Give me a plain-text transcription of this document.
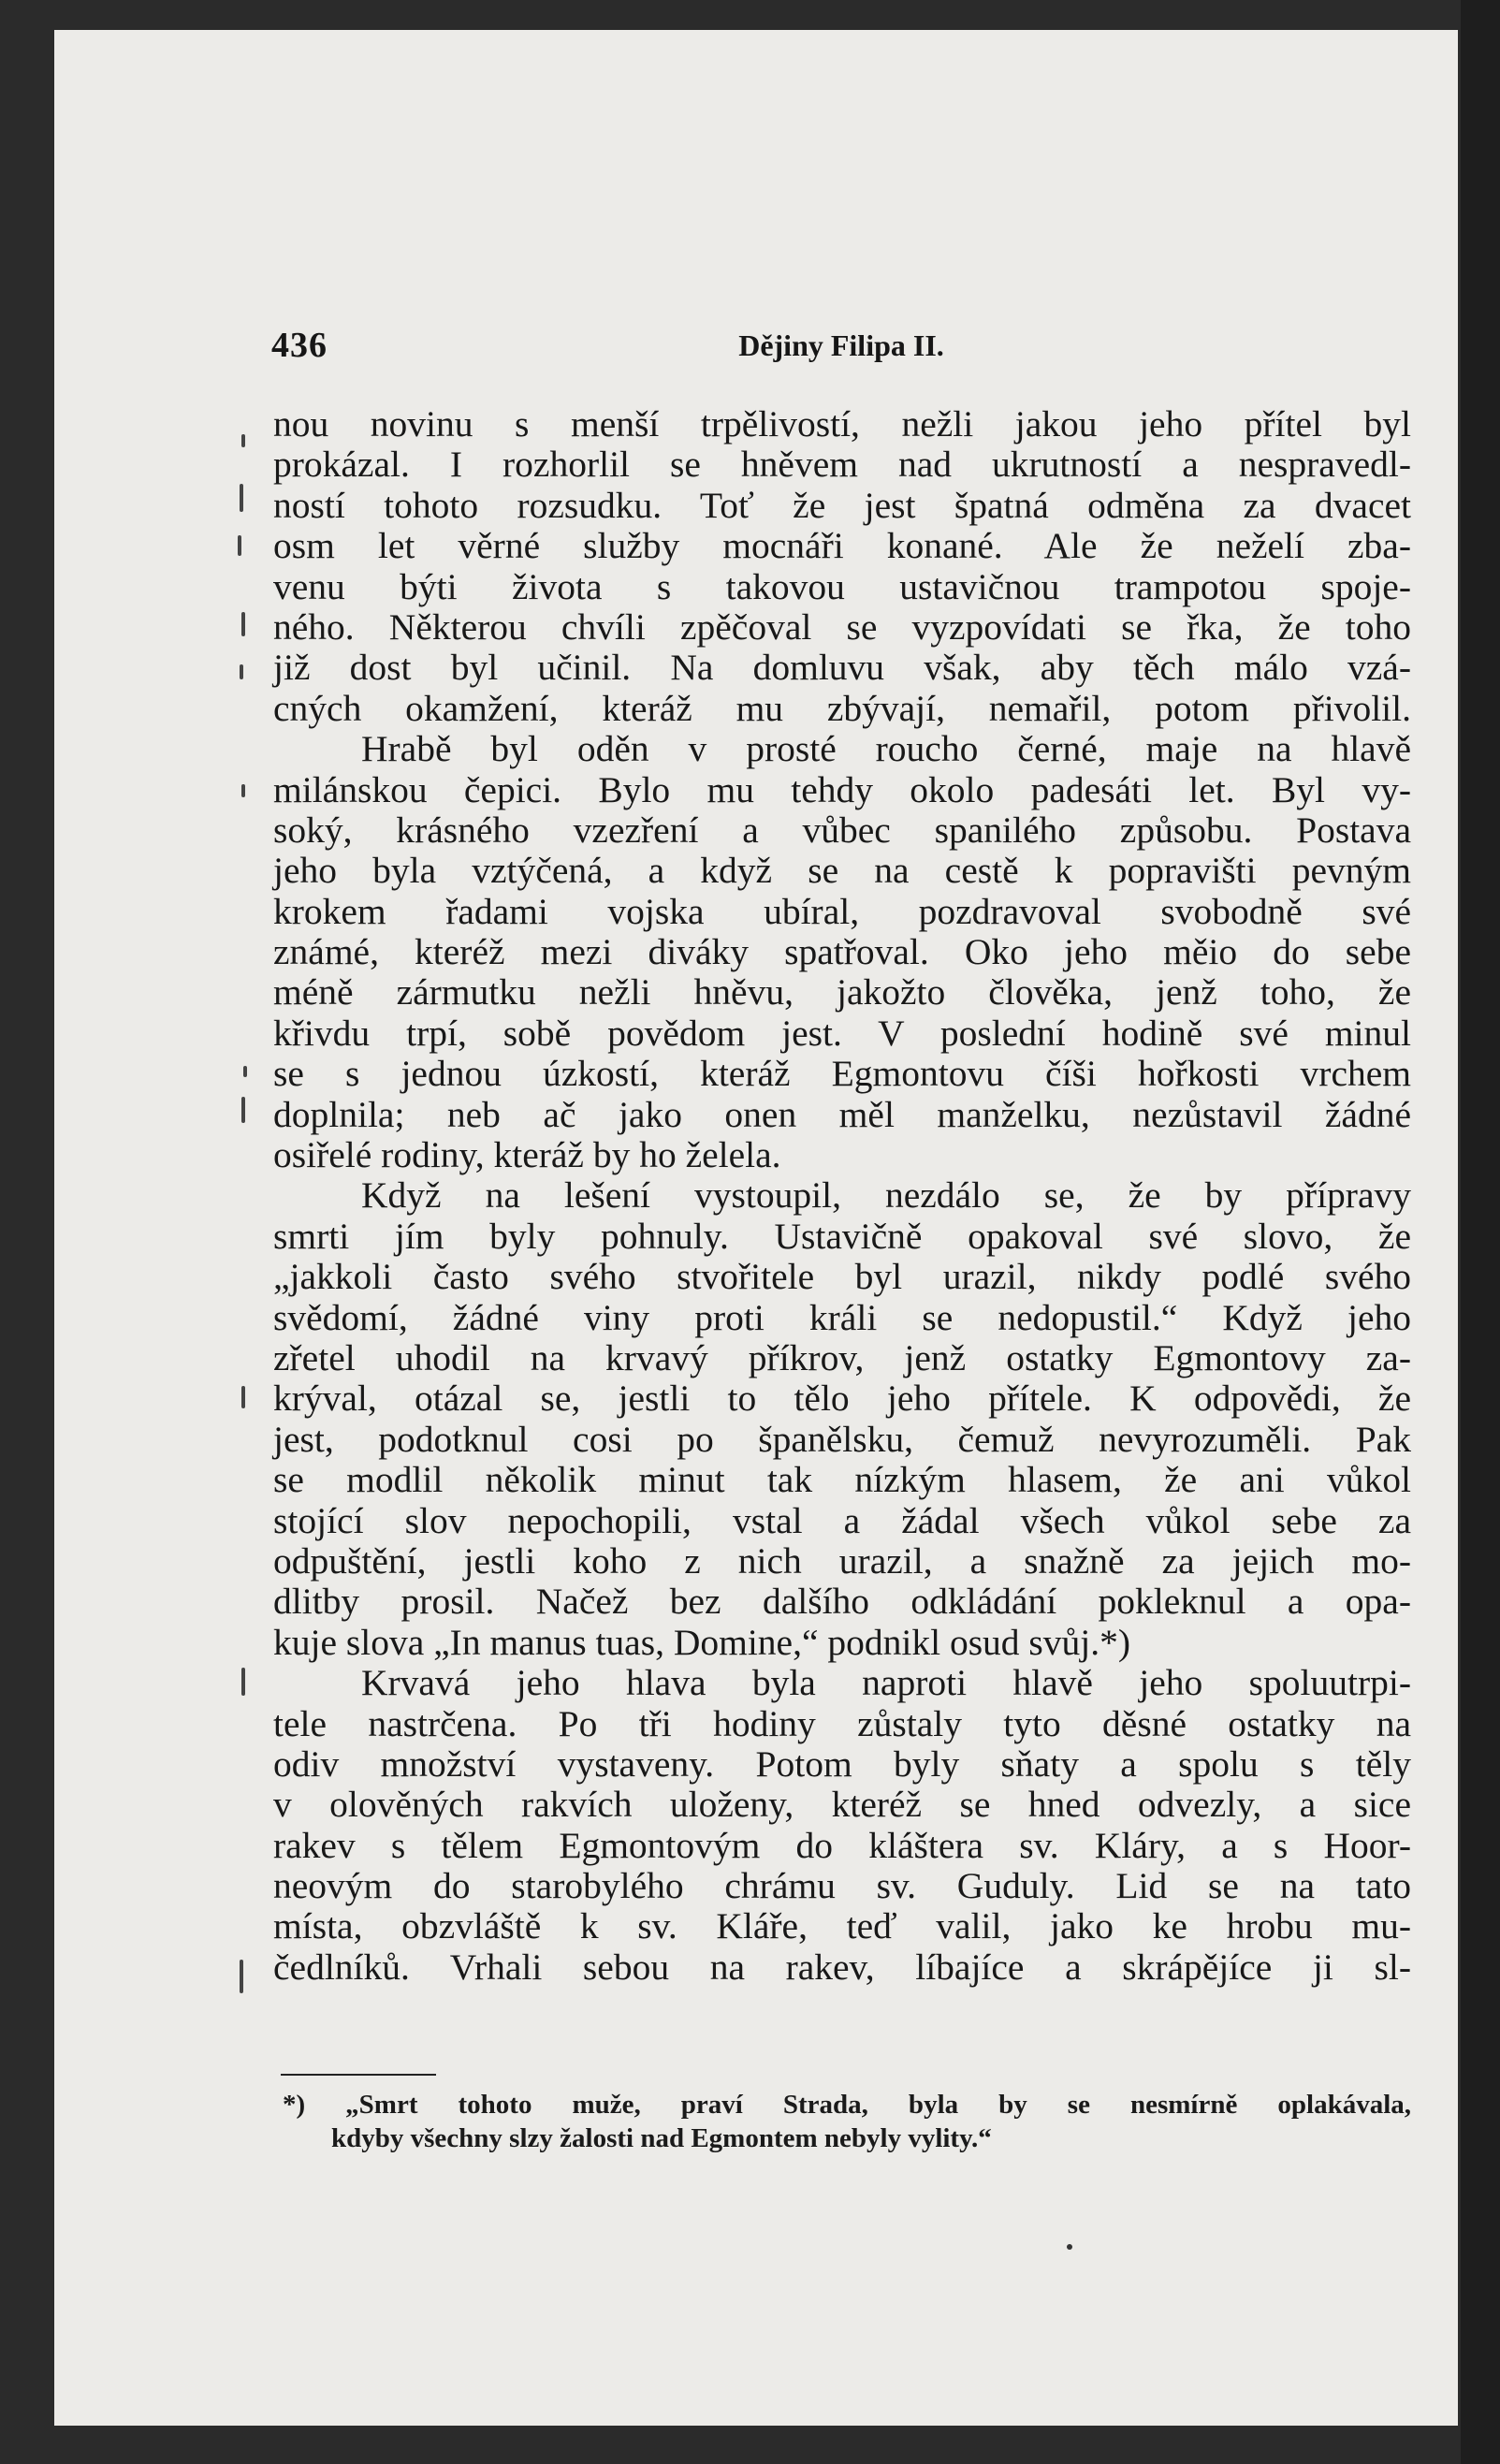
436	Dějiny Filipa II.
nou novinu s menší trpělivostí, nežli jakou jeho přítel byl
prokázal. I rozhorlil se hněvem nad ukrutností a nespravedl-
ností tohoto rozsudku. Toť že jest špatná odměna za dvacet
osm let věrné služby mocnáři konané. Ale že neželí zba-
venu býti života s takovou ustavičnou trampotou spoje-
ného. Některou chvíli zpěčoval se vyzpovídati se řka, že toho
již dost byl učinil. Na domluvu však, aby těch málo vzá-
cných okamžení, kteráž mu zbývají, nemařil, potom přivolil.
Hrabě byl oděn v prosté roucho černé, maje na hlavě
milánskou čepici. Bylo mu tehdy okolo padesáti let. Byl vy-
soký, krásného vzezření a vůbec spanilého způsobu. Postava
jeho byla vztýčená, a když se na cestě k popravišti pevným
krokem řadami vojska ubíral, pozdravoval svobodně své
známé, kteréž mezi diváky spatřoval. Oko jeho měio do sebe
méně zármutku nežli hněvu, jakožto člověka, jenž toho, že
křivdu trpí, sobě povědom jest. V poslední hodině své minul
se s jednou úzkostí, kteráž Egmontovu číši hořkosti vrchem
doplnila; neb ač jako onen měl manželku, nezůstavil žádné
osiřelé rodiny, kteráž by ho želela.
Když na lešení vystoupil, nezdálo se, že by přípravy
smrti jím byly pohnuly. Ustavičně opakoval své slovo, že
„jakkoli často svého stvořitele byl urazil, nikdy podlé svého
svědomí, žádné viny proti králi se nedopustil.“ Když jeho
zřetel uhodil na krvavý příkrov, jenž ostatky Egmontovy za-
krýval, otázal se, jestli to tělo jeho přítele. K odpovědi, že
jest, podotknul cosi po španělsku, čemuž nevyrozuměli. Pak
se modlil několik minut tak nízkým hlasem, že ani vůkol
stojící slov nepochopili, vstal a žádal všech vůkol sebe za
odpuštění, jestli koho z nich urazil, a snažně za jejich mo-
dlitby prosil. Načež bez dalšího odkládání pokleknul a opa-
kuje slova „In manus tuas, Domine,“ podnikl osud svůj.*)
Krvavá jeho hlava byla naproti hlavě jeho spoluutrpi-
tele nastrčena. Po tři hodiny zůstaly tyto děsné ostatky na
odiv množství vystaveny. Potom byly sňaty a spolu s těly
v olověných rakvích uloženy, kteréž se hned odvezly, a sice
rakev s tělem Egmontovým do kláštera sv. Kláry, a s Hoor-
neovým do starobylého chrámu sv. Guduly. Lid se na tato
místa, obzvláště k sv. Kláře, teď valil, jako ke hrobu mu-
čedlníků. Vrhali sebou na rakev, líbajíce a skrápějíce ji sl-
*) „Smrt tohoto muže, praví Strada, byla by se nesmírně oplakávala,
kdyby všechny slzy žalosti nad Egmontem nebyly vylity.“
